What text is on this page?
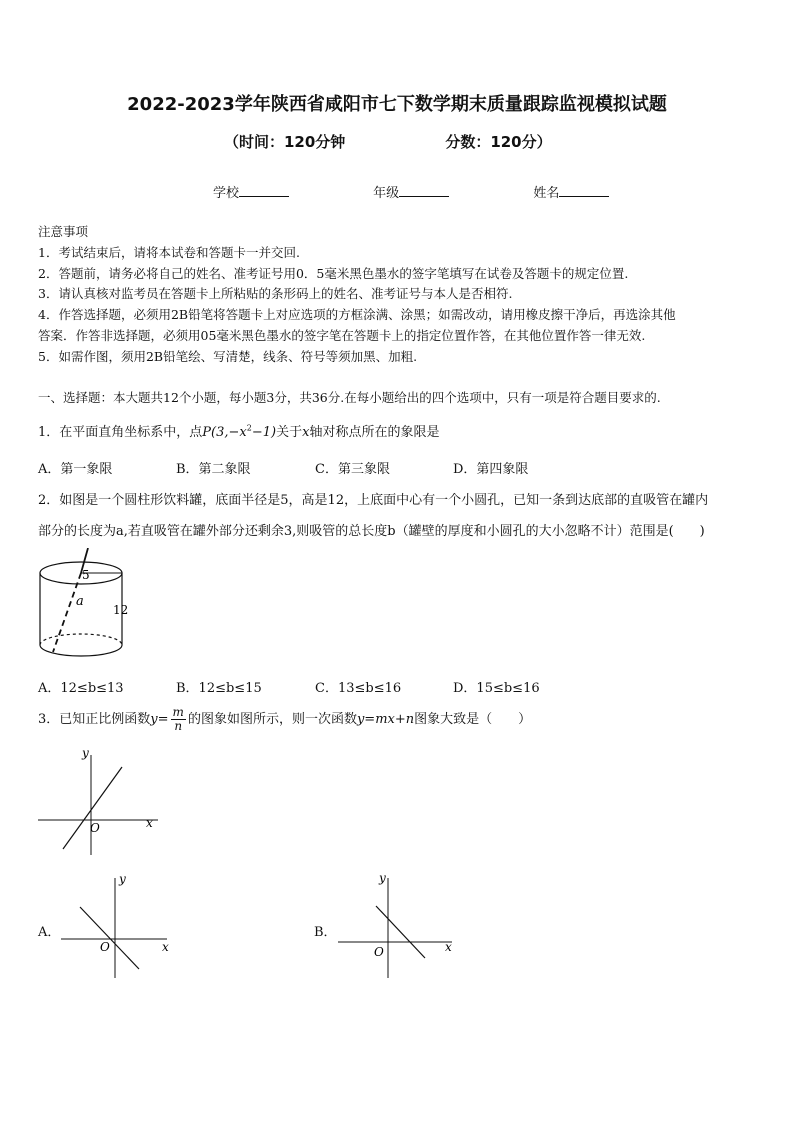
2022-2023学年陕西省咸阳市七下数学期末质量跟踪监视模拟试题
（时间：120分钟	分数：120分）
学校	年级	姓名
注意事项
1．考试结束后，请将本试卷和答题卡一并交回.
2．答题前，请务必将自己的姓名、准考证号用0．5毫米黑色墨水的签字笔填写在试卷及答题卡的规定位置.
3．请认真核对监考员在答题卡上所粘贴的条形码上的姓名、准考证号与本人是否相符.
4．作答选择题，必须用2B铅笔将答题卡上对应选项的方框涂满、涂黑；如需改动，请用橡皮擦干净后，再选涂其他
答案．作答非选择题，必须用05毫米黑色墨水的签字笔在答题卡上的指定位置作答，在其他位置作答一律无效.
5．如需作图，须用2B铅笔绘、写清楚，线条、符号等须加黑、加粗.
一、选择题：本大题共12个小题，每小题3分，共36分.在每小题给出的四个选项中，只有一项是符合题目要求的.
1．在平面直角坐标系中，点$P(3,-x^2-1)$关于x轴对称点所在的象限是
A．第一象限	B．第二象限	C．第三象限	D．第四象限
2．如图是一个圆柱形饮料罐，底面半径是5，高是12，上底面中心有一个小圆孔，已知一条到达底部的直吸管在罐内
部分的长度为a,若直吸管在罐外部分还剩余3,则吸管的总长度b（罐壁的厚度和小圆孔的大小忽略不计）范围是(　　)
5
a
12
A．12≤b≤13	B．12≤b≤15	C．13≤b≤16	D．15≤b≤16
3．已知正比例函数$y= \frac{m}{n}$ 的图象如图所示，则一次函数y=mx+n图象大致是（　　）
y
x
O
A．
y
x
O
B．
y
x
O
